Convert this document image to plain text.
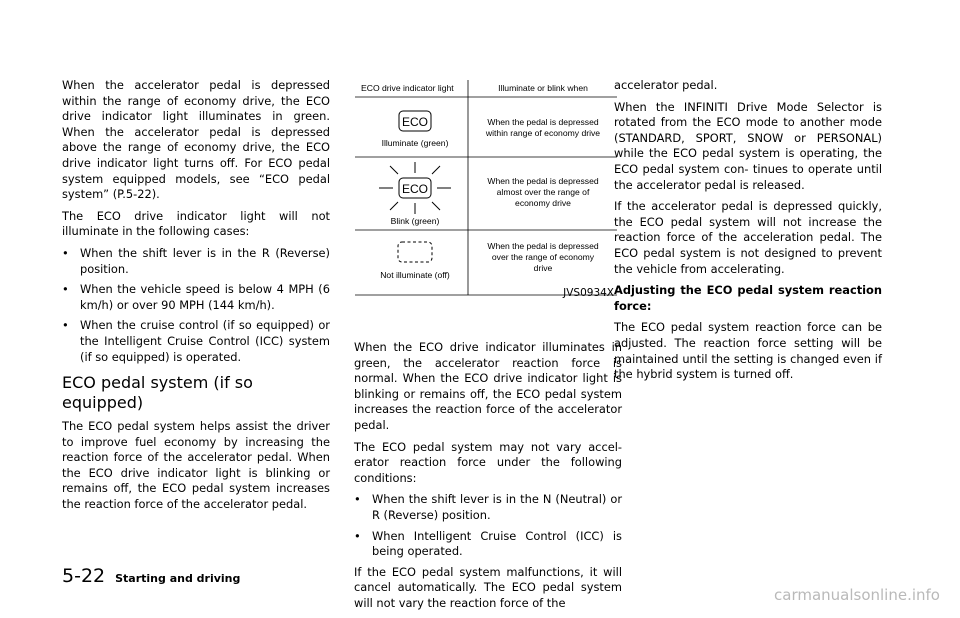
When the accelerator pedal is depressed within the range of economy drive, the ECO drive indicator light illuminates in green. When the accelerator pedal is depressed above the range of economy drive, the ECO drive indicator light turns off. For ECO pedal system equipped models, see “ECO pedal system” (P.5-22).

The ECO drive indicator light will not illuminate in the following cases:

• When the shift lever is in the R (Reverse) position.
• When the vehicle speed is below 4 MPH (6 km/h) or over 90 MPH (144 km/h).
• When the cruise control (if so equipped) or the Intelligent Cruise Control (ICC) system (if so equipped) is operated.
ECO pedal system (if so equipped)

The ECO pedal system helps assist the driver to improve fuel economy by increasing the reaction force of the accelerator pedal. When the ECO drive indicator light is blinking or remains off, the ECO pedal system increases the reaction force of the accelerator pedal.

ECO drive indicator light	Illuminate or blink when
ECO
Illuminate (green)
When the pedal is depressed
within range of economy drive
ECO
Blink (green)
When the pedal is depressed
almost over the range of
economy drive
Not illuminate (off)
When the pedal is depressed
over the range of economy
drive
JVS0934X

When the ECO drive indicator illuminates in green, the accelerator reaction force is normal. When the ECO drive indicator light is blinking or remains off, the ECO pedal system increases the reaction force of the accelerator pedal.

The ECO pedal system may not vary accel- erator reaction force under the following conditions:

• When the shift lever is in the N (Neutral) or R (Reverse) position.
• When Intelligent Cruise Control (ICC) is being operated.

If the ECO pedal system malfunctions, it will cancel automatically. The ECO pedal system will not vary the reaction force of the

accelerator pedal.

When the INFINITI Drive Mode Selector is rotated from the ECO mode to another mode (STANDARD, SPORT, SNOW or PERSONAL) while the ECO pedal system is operating, the ECO pedal system con- tinues to operate until the accelerator pedal is released.

If the accelerator pedal is depressed quickly, the ECO pedal system will not increase the reaction force of the acceleration pedal. The ECO pedal system is not designed to prevent the vehicle from accelerating.

Adjusting the ECO pedal system reaction force:

The ECO pedal system reaction force can be adjusted. The reaction force setting will be maintained until the setting is changed even if the hybrid system is turned off.

5-22 Starting and driving
carmanualsonline.info
